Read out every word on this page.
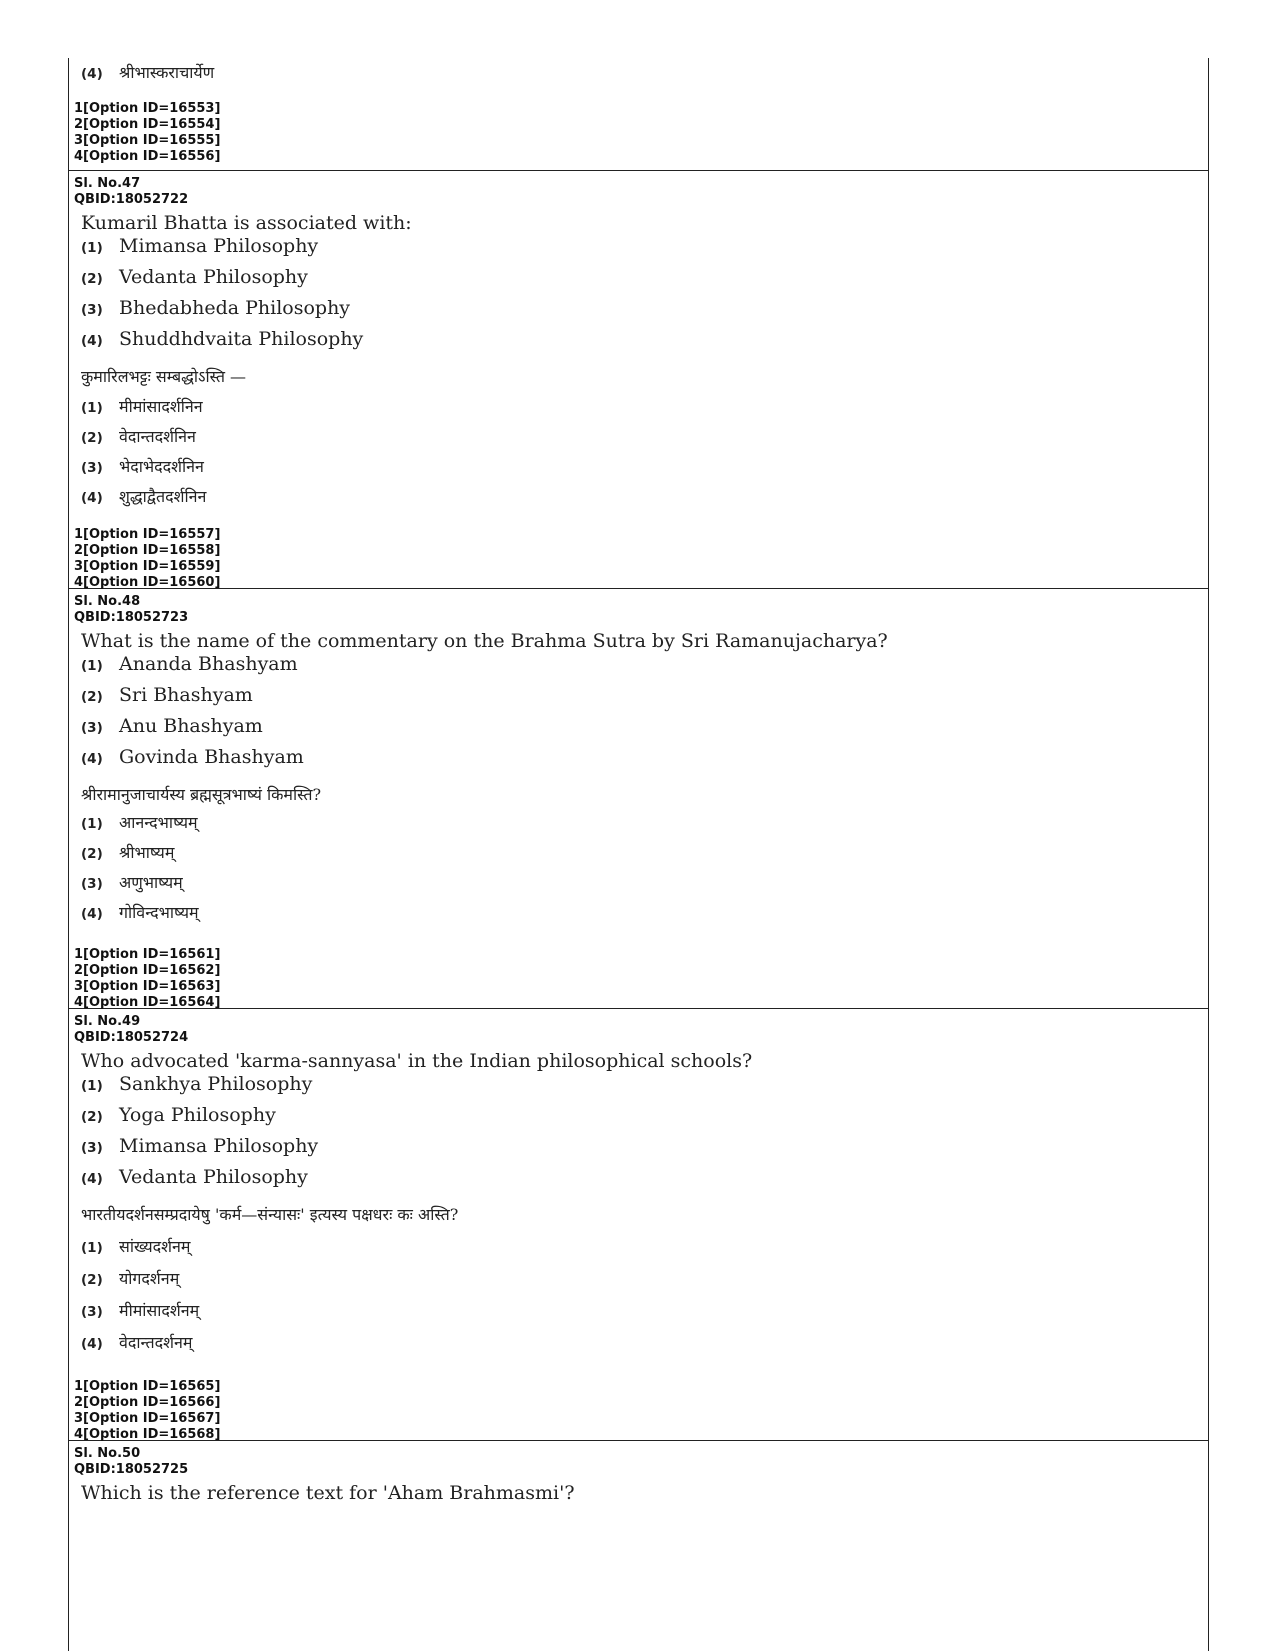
(4)	श्रीभास्कराचार्येण
1[Option ID=16553]
2[Option ID=16554]
3[Option ID=16555]
4[Option ID=16556]
Sl. No.47
QBID:18052722
Kumaril Bhatta is associated with:
(1) Mimansa Philosophy
(2) Vedanta Philosophy
(3) Bhedabheda Philosophy
(4) Shuddhdvaita Philosophy
कुमारिलभट्टः सम्बद्धोऽस्ति —
(1)	मीमांसादर्शनिन
(2)	वेदान्तदर्शनिन
(3)	भेदाभेददर्शनिन
(4)	शुद्धाद्वैतदर्शनिन
1[Option ID=16557]
2[Option ID=16558]
3[Option ID=16559]
4[Option ID=16560]
Sl. No.48
QBID:18052723
What is the name of the commentary on the Brahma Sutra by Sri Ramanujacharya?
(1) Ananda Bhashyam
(2) Sri Bhashyam
(3) Anu Bhashyam
(4) Govinda Bhashyam
श्रीरामानुजाचार्यस्य ब्रह्मसूत्रभाष्यं किमस्ति?
(1)	आनन्दभाष्यम्
(2)	श्रीभाष्यम्
(3)	अणुभाष्यम्
(4)	गोविन्दभाष्यम्
1[Option ID=16561]
2[Option ID=16562]
3[Option ID=16563]
4[Option ID=16564]
Sl. No.49
QBID:18052724
Who advocated 'karma-sannyasa' in the Indian philosophical schools?
(1) Sankhya Philosophy
(2) Yoga Philosophy
(3) Mimansa Philosophy
(4) Vedanta Philosophy
भारतीयदर्शनसम्प्रदायेषु 'कर्म—संन्यासः' इत्यस्य पक्षधरः कः अस्ति?
(1)	सांख्यदर्शनम्
(2)	योगदर्शनम्
(3)	मीमांसादर्शनम्
(4)	वेदान्तदर्शनम्
1[Option ID=16565]
2[Option ID=16566]
3[Option ID=16567]
4[Option ID=16568]
Sl. No.50
QBID:18052725
Which is the reference text for 'Aham Brahmasmi'?
